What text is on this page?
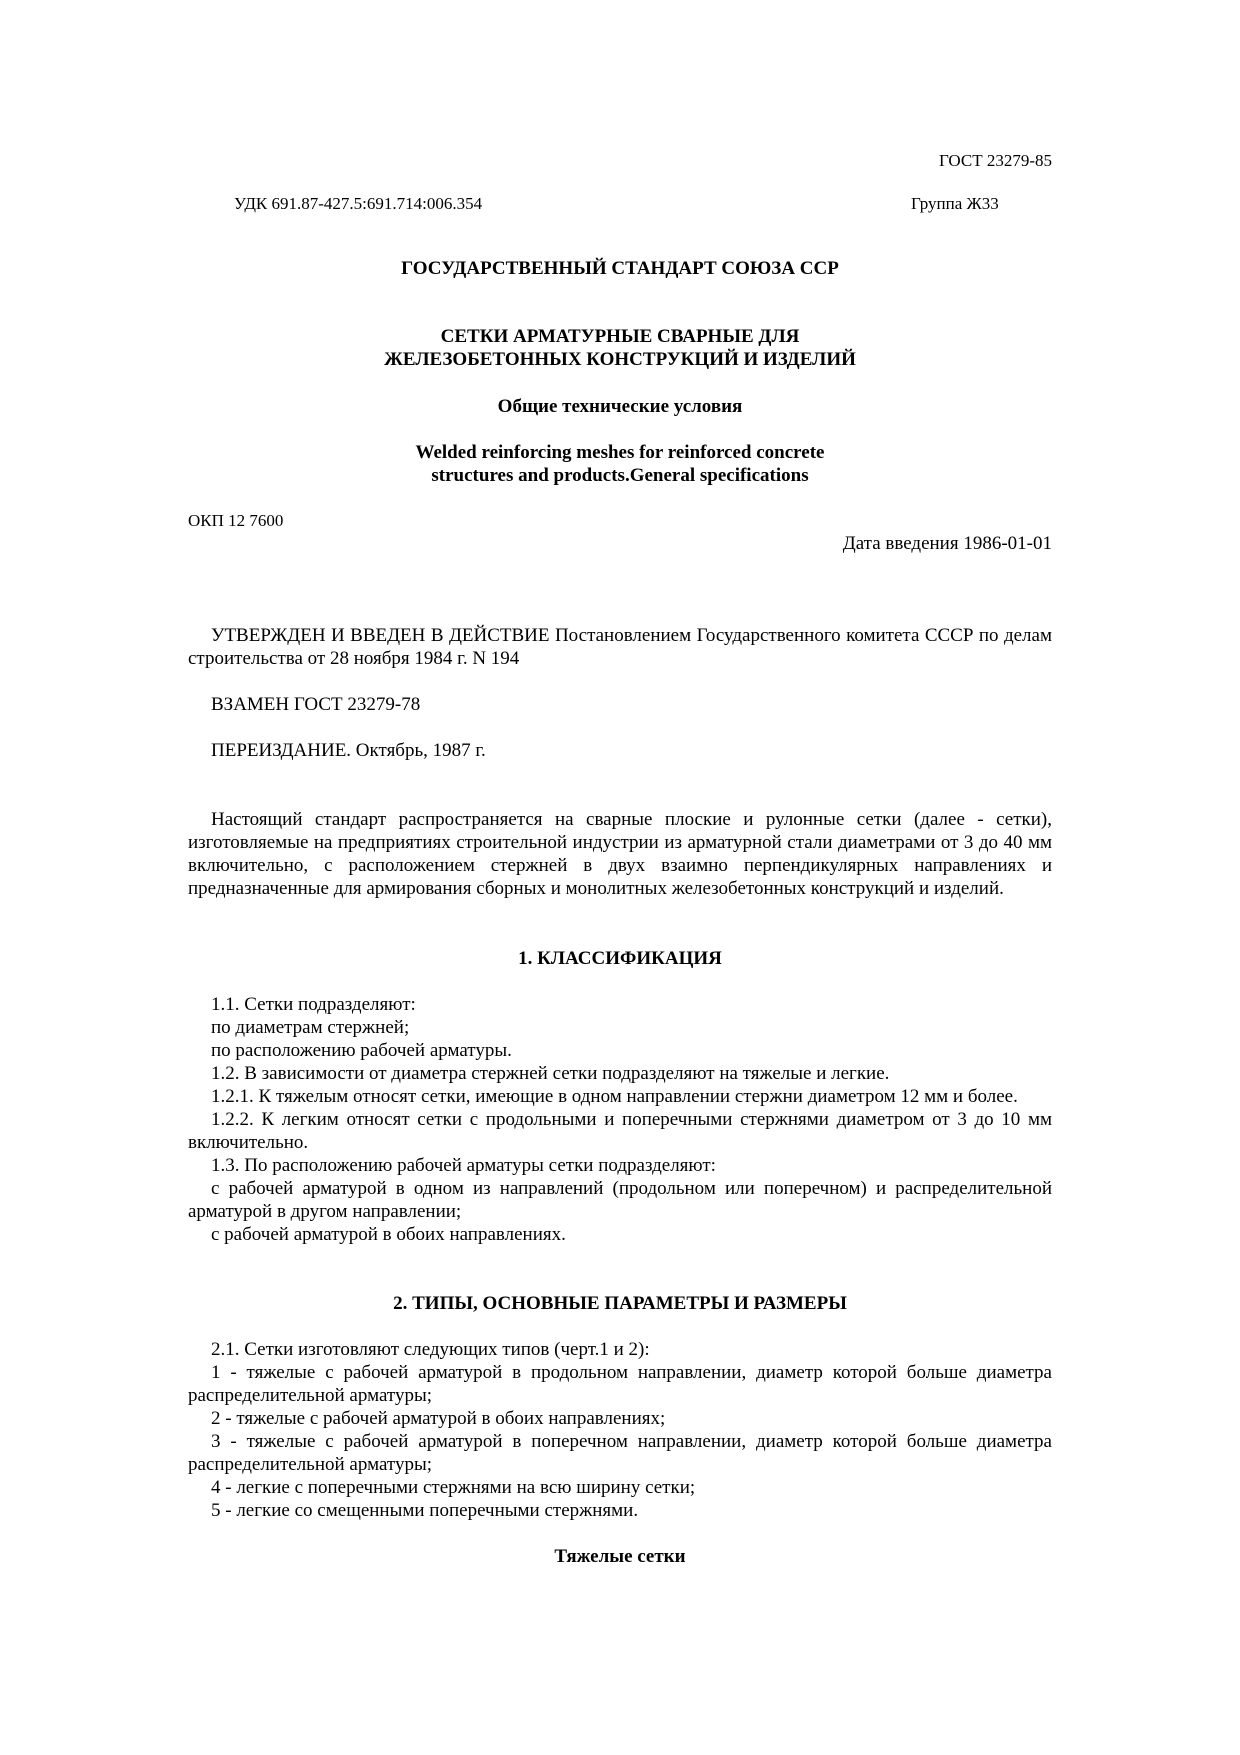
ГОСТ 23279-85
УДК 691.87-427.5:691.714:006.354	Группа Ж33
ГОСУДАРСТВЕННЫЙ СТАНДАРТ СОЮЗА ССР
СЕТКИ АРМАТУРНЫЕ СВАРНЫЕ ДЛЯ
ЖЕЛЕЗОБЕТОННЫХ КОНСТРУКЦИЙ И ИЗДЕЛИЙ
Общие технические условия
Welded reinforcing meshes for reinforced concrete
structures and products.General specifications
ОКП 12 7600
Дата введения 1986-01-01

УТВЕРЖДЕН И ВВЕДЕН В ДЕЙСТВИЕ Постановлением Государственного комитета СССР по делам строительства от 28 ноября 1984 г. N 194

ВЗАМЕН ГОСТ 23279-78

ПЕРЕИЗДАНИЕ. Октябрь, 1987 г.

Настоящий стандарт распространяется на сварные плоские и рулонные сетки (далее - сетки), изготовляемые на предприятиях строительной индустрии из арматурной стали диаметрами от 3 до 40 мм включительно, с расположением стержней в двух взаимно перпендикулярных направлениях и предназначенные для армирования сборных и монолитных железобетонных конструкций и изделий.

1. КЛАССИФИКАЦИЯ

1.1. Сетки подразделяют:

по диаметрам стержней;

по расположению рабочей арматуры.

1.2. В зависимости от диаметра стержней сетки подразделяют на тяжелые и легкие.

1.2.1. К тяжелым относят сетки, имеющие в одном направлении стержни диаметром 12 мм и более.

1.2.2. К легким относят сетки с продольными и поперечными стержнями диаметром от 3 до 10 мм включительно.

1.3. По расположению рабочей арматуры сетки подразделяют:

с рабочей арматурой в одном из направлений (продольном или поперечном) и распределительной арматурой в другом направлении;

с рабочей арматурой в обоих направлениях.

2. ТИПЫ, ОСНОВНЫЕ ПАРАМЕТРЫ И РАЗМЕРЫ

2.1. Сетки изготовляют следующих типов (черт.1 и 2):

1 - тяжелые с рабочей арматурой в продольном направлении, диаметр которой больше диаметра распределительной арматуры;

2 - тяжелые с рабочей арматурой в обоих направлениях;

3 - тяжелые с рабочей арматурой в поперечном направлении, диаметр которой больше диаметра распределительной арматуры;

4 - легкие с поперечными стержнями на всю ширину сетки;

5 - легкие со смещенными поперечными стержнями.

Тяжелые сетки
